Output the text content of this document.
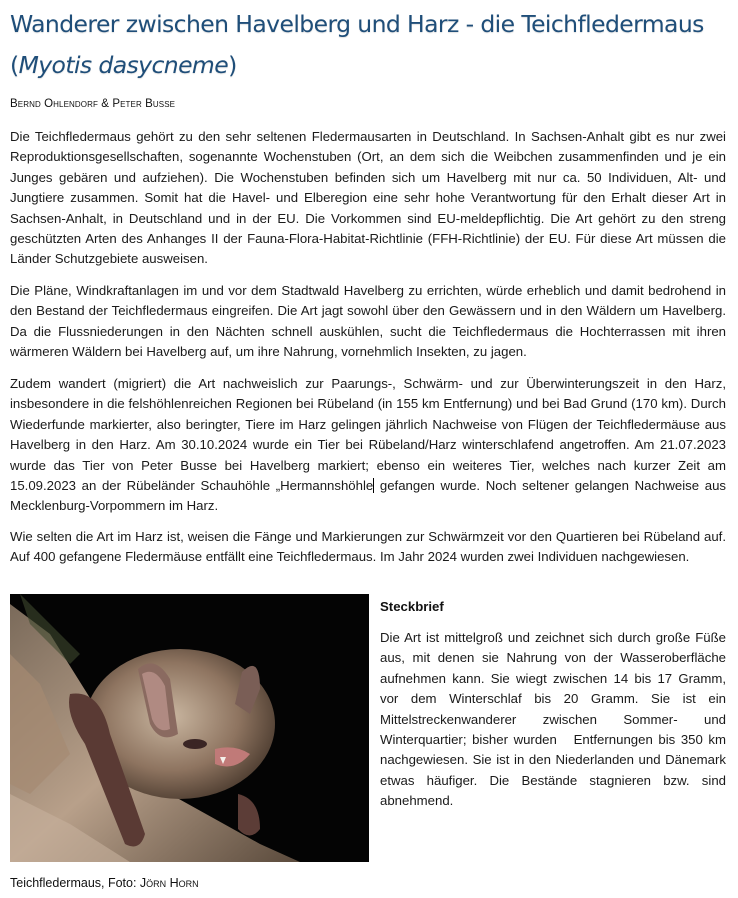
Wanderer zwischen Havelberg und Harz - die Teichfledermaus
(Myotis dasycneme)
Bernd Ohlendorf & Peter Busse

Die Teichfledermaus gehört zu den sehr seltenen Fledermausarten in Deutschland. In Sachsen-Anhalt gibt es nur zwei Reproduktionsgesellschaften, sogenannte Wochenstuben (Ort, an dem sich die Weibchen zusammenfinden und je ein Junges gebären und aufziehen). Die Wochenstuben befinden sich um Havelberg mit nur ca. 50 Individuen, Alt- und Jungtiere zusammen. Somit hat die Havel- und Elberegion eine sehr hohe Verantwortung für den Erhalt dieser Art in Sachsen-Anhalt, in Deutschland und in der EU. Die Vorkommen sind EU-meldepflichtig. Die Art gehört zu den streng geschützten Arten des Anhanges II der Fauna-Flora-Habitat-Richtlinie (FFH-Richtlinie) der EU. Für diese Art müssen die Länder Schutzgebiete ausweisen.

Die Pläne, Windkraftanlagen im und vor dem Stadtwald Havelberg zu errichten, würde erheblich und damit bedrohend in den Bestand der Teichfledermaus eingreifen. Die Art jagt sowohl über den Gewässern und in den Wäldern um Havelberg. Da die Flussniederungen in den Nächten schnell auskühlen, sucht die Teichfledermaus die Hochterrassen mit ihren wärmeren Wäldern bei Havelberg auf, um ihre Nahrung, vornehmlich Insekten, zu jagen.

Zudem wandert (migriert) die Art nachweislich zur Paarungs-, Schwärm- und zur Überwinterungszeit in den Harz, insbesondere in die felshöhlenreichen Regionen bei Rübeland (in 155 km Entfernung) und bei Bad Grund (170 km). Durch Wiederfunde markierter, also beringter, Tiere im Harz gelingen jährlich Nachweise von Flügen der Teichfledermäuse aus Havelberg in den Harz. Am 30.10.2024 wurde ein Tier bei Rübeland/Harz winterschlafend angetroffen. Am 21.07.2023 wurde das Tier von Peter Busse bei Havelberg markiert; ebenso ein weiteres Tier, welches nach kurzer Zeit am 15.09.2023 an der Rübeländer Schauhöhle „Hermannshöhle gefangen wurde. Noch seltener gelangen Nachweise aus Mecklenburg-Vorpommern im Harz.

Wie selten die Art im Harz ist, weisen die Fänge und Markierungen zur Schwärmzeit vor den Quartieren bei Rübeland auf. Auf 400 gefangene Fledermäuse entfällt eine Teichfledermaus. Im Jahr 2024 wurden zwei Individuen nachgewiesen.

Steckbrief
Die Art ist mittelgroß und zeichnet sich durch große Füße aus, mit denen sie Nahrung von der Wasseroberfläche aufnehmen kann. Sie wiegt zwischen 14 bis 17 Gramm, vor dem Winterschlaf bis 20 Gramm. Sie ist ein Mittelstreckenwanderer zwischen Sommer- und Winterquartier; bisher wurden   Entfernungen bis 350 km nachgewiesen. Sie ist in den Niederlanden und Dänemark etwas häufiger. Die Bestände stagnieren bzw. sind abnehmend.
Teichfledermaus, Foto: Jörn Horn
